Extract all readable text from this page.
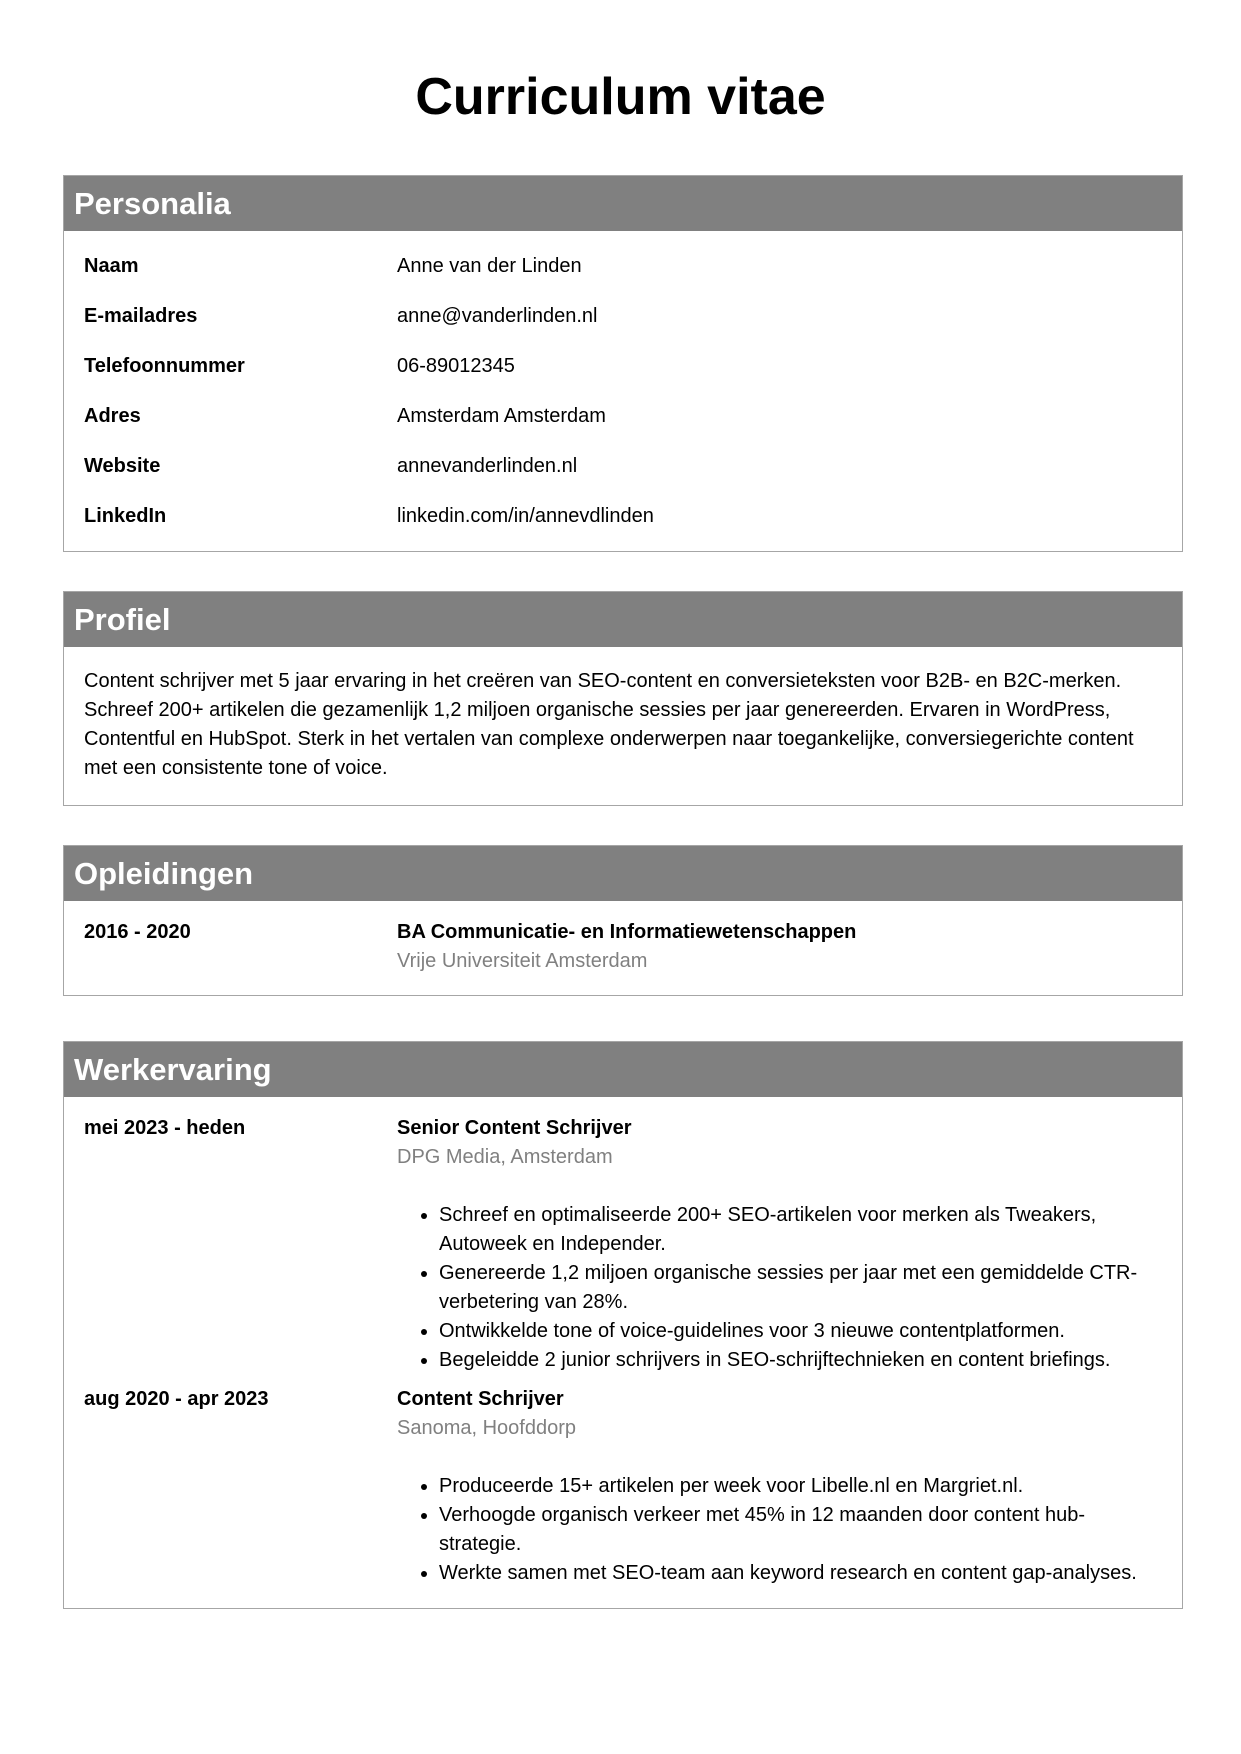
Curriculum vitae
Personalia
Naam	Anne van der Linden
E-mailadres	anne@vanderlinden.nl
Telefoonnummer	06-89012345
Adres	Amsterdam Amsterdam
Website	annevanderlinden.nl
LinkedIn	linkedin.com/in/annevdlinden
Profiel

Content schrijver met 5 jaar ervaring in het creëren van SEO-content en conversieteksten voor B2B- en B2C-merken. Schreef 200+ artikelen die gezamenlijk 1,2 miljoen organische sessies per jaar genereerden. Ervaren in WordPress, Contentful en HubSpot. Sterk in het vertalen van complexe onderwerpen naar toegankelijke, conversiegerichte content met een consistente tone of voice.

Opleidingen
2016 - 2020	BA Communicatie- en Informatiewetenschappen
Vrije Universiteit Amsterdam
Werkervaring
mei 2023 - heden	Senior Content Schrijver
DPG Media, Amsterdam
• Schreef en optimaliseerde 200+ SEO-artikelen voor merken als Tweakers, Autoweek en Independer.
• Genereerde 1,2 miljoen organische sessies per jaar met een gemiddelde CTR-verbetering van 28%.
• Ontwikkelde tone of voice-guidelines voor 3 nieuwe contentplatformen.
• Begeleidde 2 junior schrijvers in SEO-schrijftechnieken en content briefings.
aug 2020 - apr 2023	Content Schrijver
Sanoma, Hoofddorp
• Produceerde 15+ artikelen per week voor Libelle.nl en Margriet.nl.
• Verhoogde organisch verkeer met 45% in 12 maanden door content hub-strategie.
• Werkte samen met SEO-team aan keyword research en content gap-analyses.
